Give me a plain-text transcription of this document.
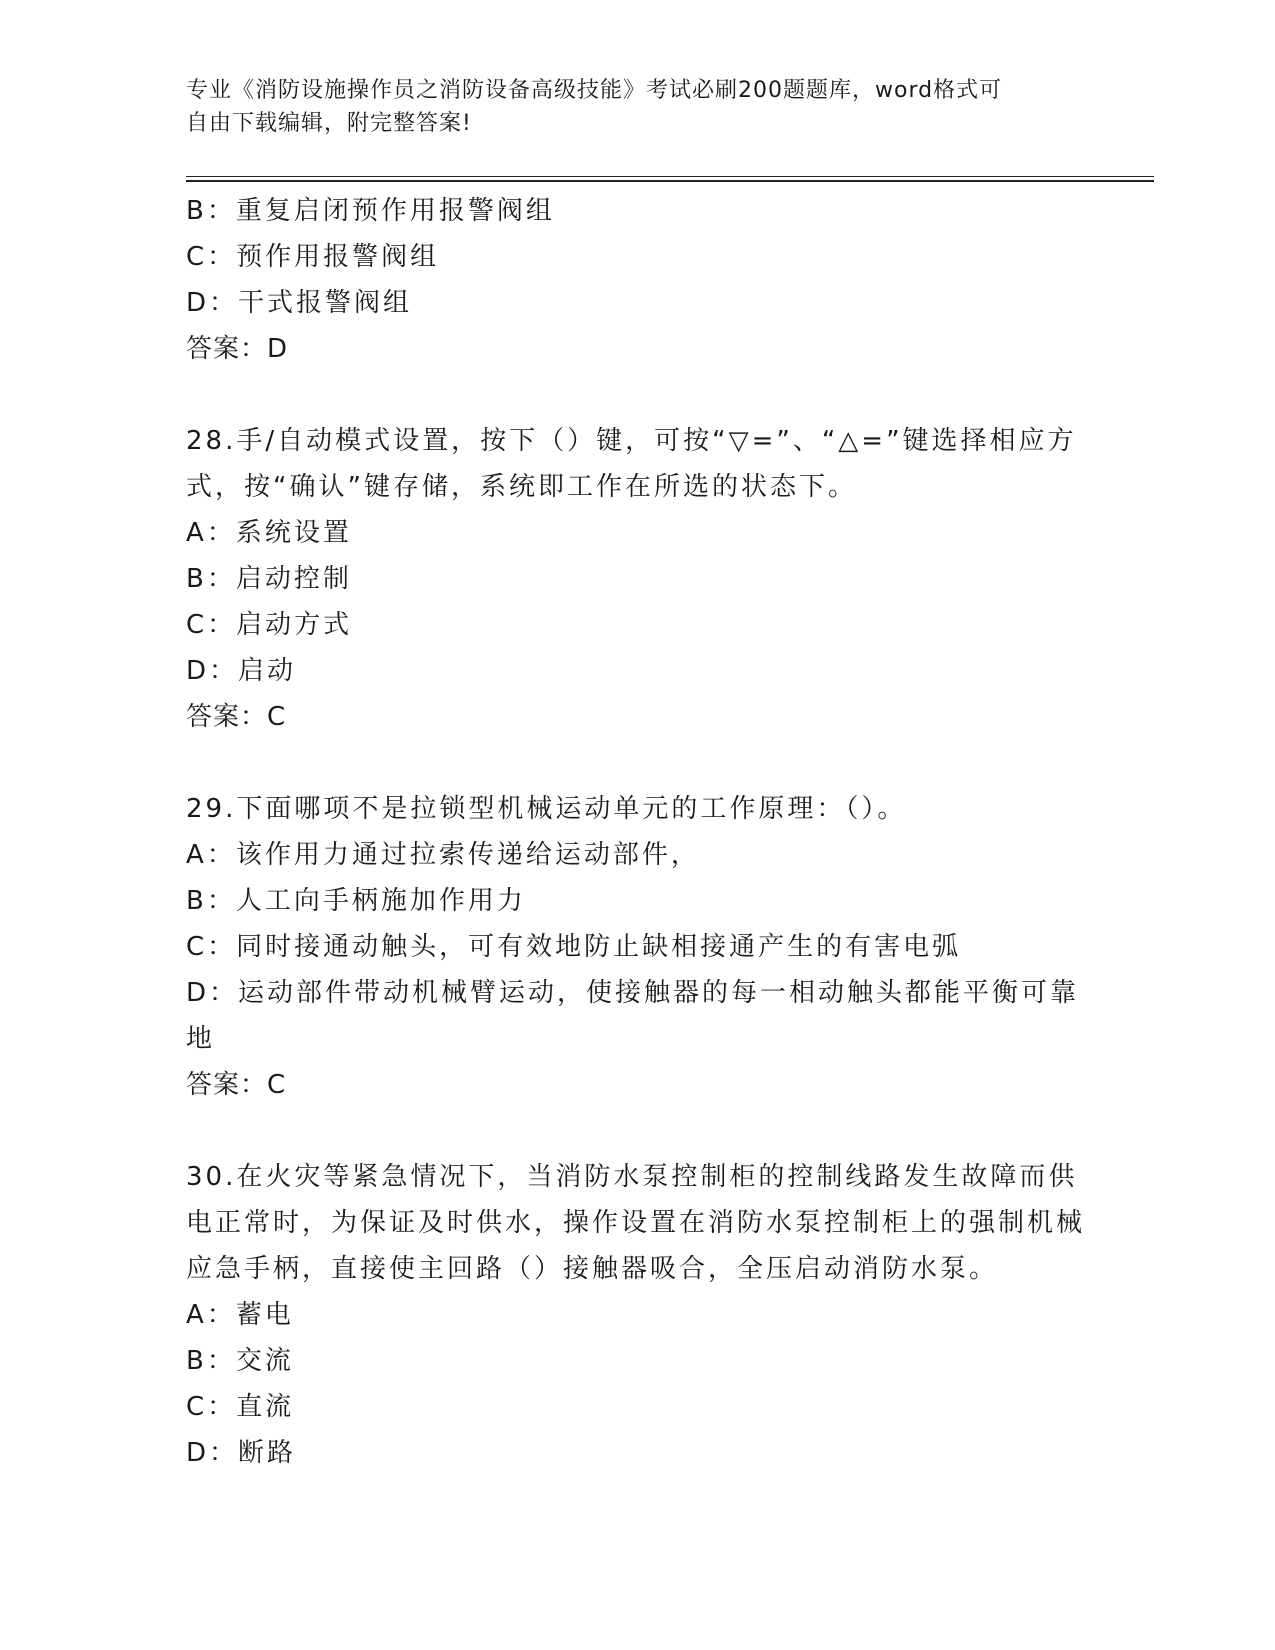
专业《消防设施操作员之消防设备高级技能》考试必刷200题题库，word格式可
自由下载编辑，附完整答案!
B：重复启闭预作用报警阀组
C：预作用报警阀组
D：干式报警阀组
答案：D
28.手/自动模式设置，按下（）键，可按“▽=”、“△=”键选择相应方式，按“确认”键存储，系统即工作在所选的状态下。
A：系统设置
B：启动控制
C：启动方式
D：启动
答案：C
29.下面哪项不是拉锁型机械运动单元的工作原理：（）。
A：该作用力通过拉索传递给运动部件，
B：人工向手柄施加作用力
C：同时接通动触头，可有效地防止缺相接通产生的有害电弧
D：运动部件带动机械臂运动，使接触器的每一相动触头都能平衡可靠地
答案：C
30.在火灾等紧急情况下，当消防水泵控制柜的控制线路发生故障而供电正常时，为保证及时供水，操作设置在消防水泵控制柜上的强制机械应急手柄，直接使主回路（）接触器吸合，全压启动消防水泵。
A：蓄电
B：交流
C：直流
D：断路
